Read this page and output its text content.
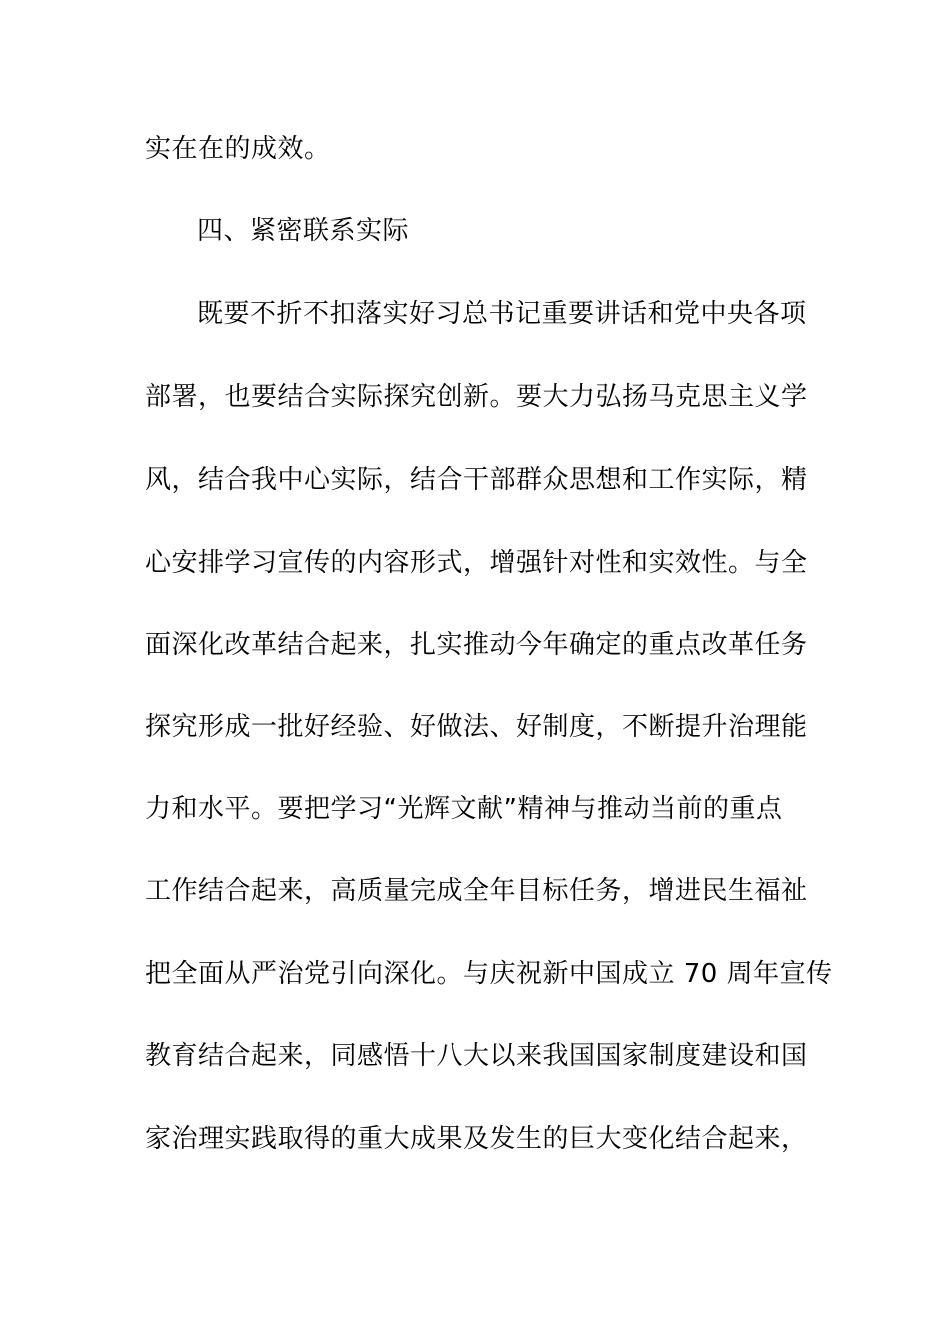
实在在的成效。
四、紧密联系实际
既要不折不扣落实好习总书记重要讲话和党中央各项
部署，也要结合实际探究创新。要大力弘扬马克思主义学
风，结合我中心实际，结合干部群众思想和工作实际，精
心安排学习宣传的内容形式，增强针对性和实效性。与全
面深化改革结合起来，扎实推动今年确定的重点改革任务
探究形成一批好经验、好做法、好制度，不断提升治理能
力和水平。要把学习“光辉文献”精神与推动当前的重点
工作结合起来，高质量完成全年目标任务，增进民生福祉
把全面从严治党引向深化。与庆祝新中国成立 70 周年宣传
教育结合起来，同感悟十八大以来我国国家制度建设和国
家治理实践取得的重大成果及发生的巨大变化结合起来，
